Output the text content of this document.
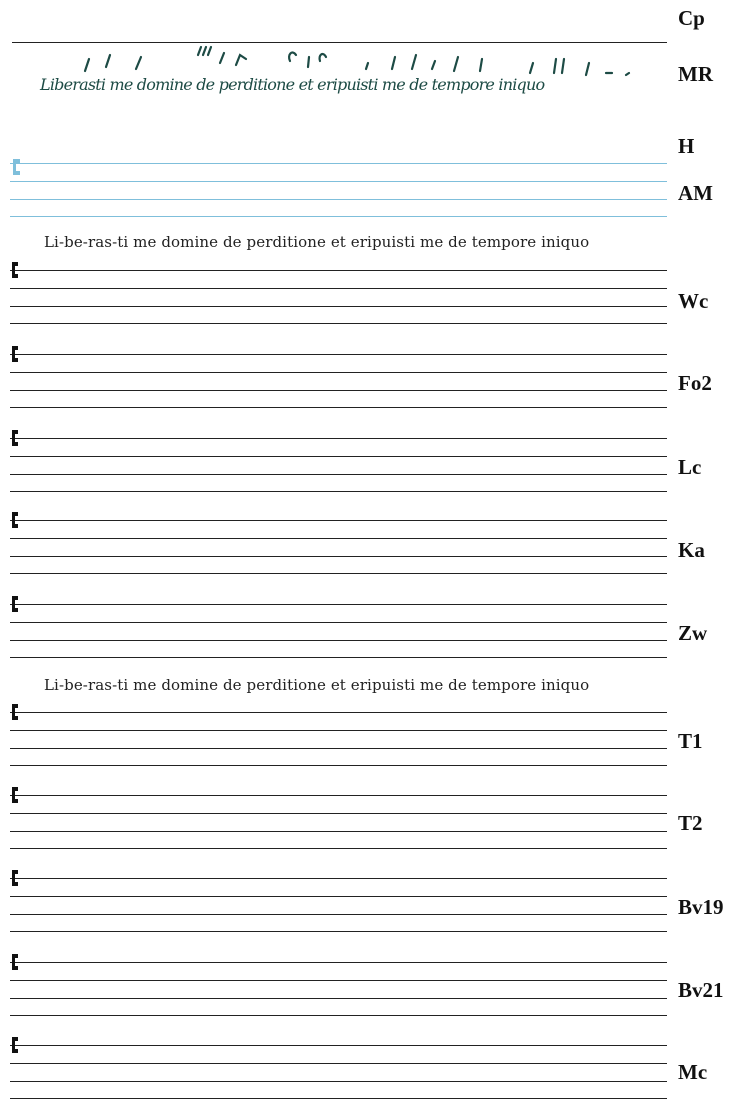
Cp
Liberasti me domine de perditione et eripuisti me de tempore iniquo	MR
H
AM
Li-be-ras-ti me domine de perditione et eripuisti me de tempore iniquo
Wc
Fo2
Lc
Ka
Zw
Li-be-ras-ti me domine de perditione et eripuisti me de tempore iniquo
T1
T2
Bv19
Bv21
Mc
